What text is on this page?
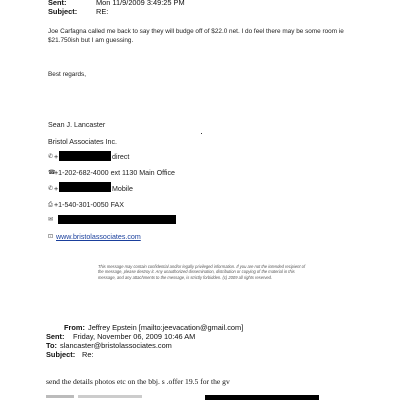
Sent:	Mon 11/9/2009 3:49:25 PM
Subject:	RE:
Joe Carfagna called me back to say they will budge off of $22.0 net. I do feel there may be some room ie
$21.750ish but I am guessing.
Best regards,
Sean J. Lancaster
Bristol Associates Inc.
✆ +	direct
☎
+1-202-682-4000 ext 1130 Main Office
✆ +	Mobile
⎙ +1-540-301-0050 FAX
✉
⊡ www.bristolassociates.com
This message may contain confidential and/or legally privileged information. If you are not the intended recipient of the message, please destroy it. Any unauthorized dissemination, distribution or copying of the material in this message, and any attachments to the message, is strictly forbidden. (c) 2009 all rights reserved.
From: Jeffrey Epstein [mailto:jeevacation@gmail.com]
Sent: Friday, November 06, 2009 10:46 AM
To: slancaster@bristolassociates.com
Subject: Re:
send the details photos etc on the bbj. s .offer 19.5 for the gv
